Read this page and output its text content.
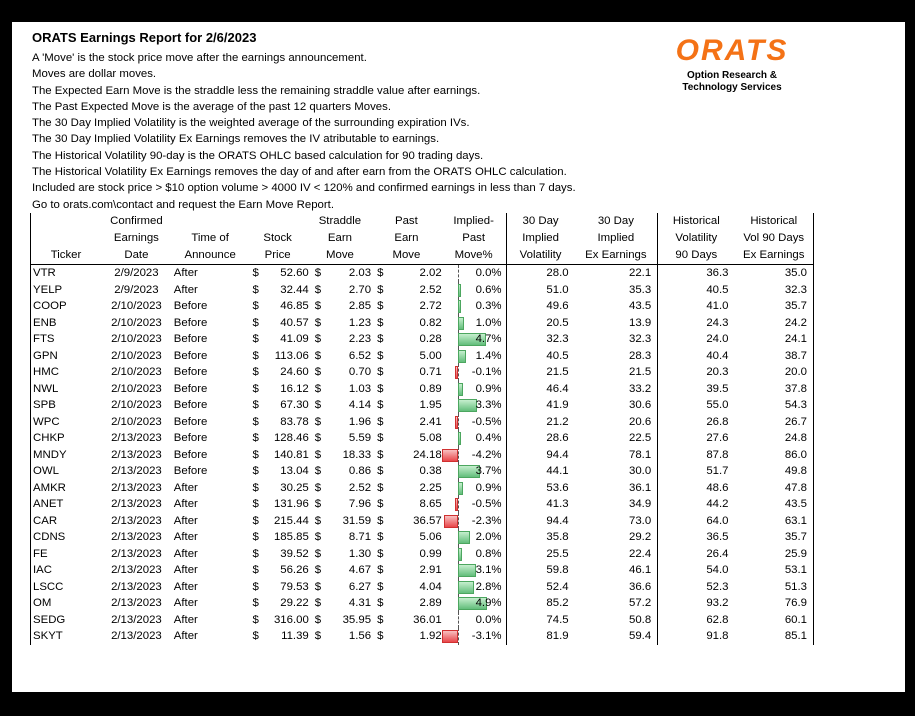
ORATS Earnings Report for 2/6/2023
A 'Move' is the stock price move after the earnings announcement.
Moves are dollar moves.
The Expected Earn Move is the straddle less the remaining straddle value after earnings.
The Past Expected Move is the average of the past 12 quarters Moves.
The 30 Day Implied Volatility is the weighted average of the surrounding expiration IVs.
The 30 Day Implied Volatility Ex Earnings removes the IV atributable to earnings.
The Historical Volatility 90-day is the ORATS OHLC based calculation for 90 trading days.
The Historical Volatility Ex Earnings removes the day of and after earn from the ORATS OHLC calculation.
Included are stock price > $10 option volume > 4000 IV < 120% and confirmed earnings in less than 7 days.
Go to orats.com\contact and request the Earn Move Report.
ORATS
Option Research &
Technology Services
	Confirmed				Straddle		Past		Implied-	30 Day	30 Day	Historical	Historical
	Earnings	Time of	Stock		Earn		Earn		Past	Implied	Implied	Volatility	Vol 90 Days
Ticker	Date	Announce	Price		Move		Move		Move%	Volatility	Ex Earnings	90 Days	Ex Earnings
VTR	2/9/2023	After	$	52.60	$	2.03	$	2.02	0.0%	28.0	22.1	36.3	35.0
YELP	2/9/2023	After	$	32.44	$	2.70	$	2.52	0.6%	51.0	35.3	40.5	32.3
COOP	2/10/2023	Before	$	46.85	$	2.85	$	2.72	0.3%	49.6	43.5	41.0	35.7
ENB	2/10/2023	Before	$	40.57	$	1.23	$	0.82	1.0%	20.5	13.9	24.3	24.2
FTS	2/10/2023	Before	$	41.09	$	2.23	$	0.28	4.7%	32.3	32.3	24.0	24.1
GPN	2/10/2023	Before	$	113.06	$	6.52	$	5.00	1.4%	40.5	28.3	40.4	38.7
HMC	2/10/2023	Before	$	24.60	$	0.70	$	0.71	-0.1%	21.5	21.5	20.3	20.0
NWL	2/10/2023	Before	$	16.12	$	1.03	$	0.89	0.9%	46.4	33.2	39.5	37.8
SPB	2/10/2023	Before	$	67.30	$	4.14	$	1.95	3.3%	41.9	30.6	55.0	54.3
WPC	2/10/2023	Before	$	83.78	$	1.96	$	2.41	-0.5%	21.2	20.6	26.8	26.7
CHKP	2/13/2023	Before	$	128.46	$	5.59	$	5.08	0.4%	28.6	22.5	27.6	24.8
MNDY	2/13/2023	Before	$	140.81	$	18.33	$	24.18	-4.2%	94.4	78.1	87.8	86.0
OWL	2/13/2023	Before	$	13.04	$	0.86	$	0.38	3.7%	44.1	30.0	51.7	49.8
AMKR	2/13/2023	After	$	30.25	$	2.52	$	2.25	0.9%	53.6	36.1	48.6	47.8
ANET	2/13/2023	After	$	131.96	$	7.96	$	8.65	-0.5%	41.3	34.9	44.2	43.5
CAR	2/13/2023	After	$	215.44	$	31.59	$	36.57	-2.3%	94.4	73.0	64.0	63.1
CDNS	2/13/2023	After	$	185.85	$	8.71	$	5.06	2.0%	35.8	29.2	36.5	35.7
FE	2/13/2023	After	$	39.52	$	1.30	$	0.99	0.8%	25.5	22.4	26.4	25.9
IAC	2/13/2023	After	$	56.26	$	4.67	$	2.91	3.1%	59.8	46.1	54.0	53.1
LSCC	2/13/2023	After	$	79.53	$	6.27	$	4.04	2.8%	52.4	36.6	52.3	51.3
OM	2/13/2023	After	$	29.22	$	4.31	$	2.89	4.9%	85.2	57.2	93.2	76.9
SEDG	2/13/2023	After	$	316.00	$	35.95	$	36.01	0.0%	74.5	50.8	62.8	60.1
SKYT	2/13/2023	After	$	11.39	$	1.56	$	1.92	-3.1%	81.9	59.4	91.8	85.1
